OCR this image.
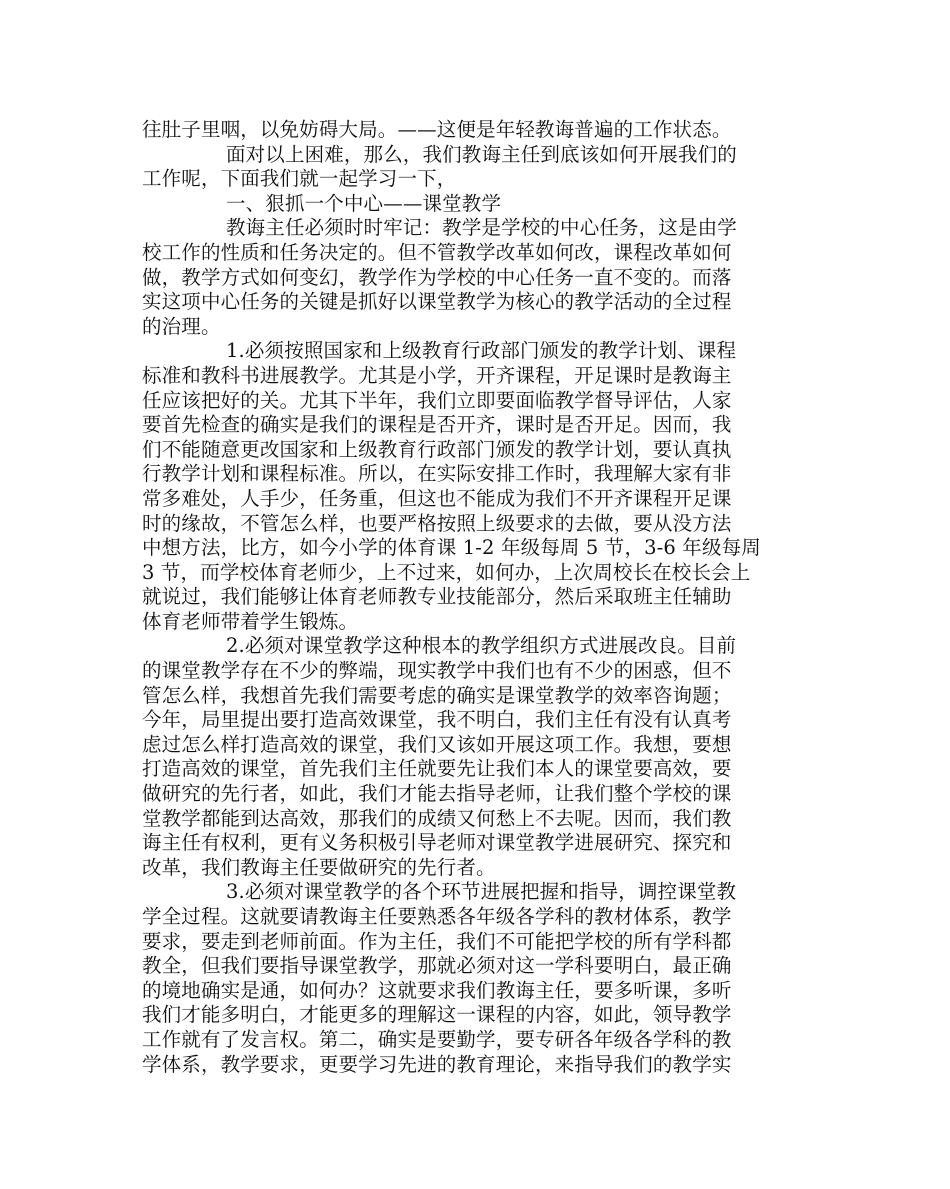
往肚子里咽，以免妨碍大局。——这便是年轻教诲普遍的工作状态。
面对以上困难，那么，我们教诲主任到底该如何开展我们的
工作呢，下面我们就一起学习一下，
一、狠抓一个中心——课堂教学
教诲主任必须时时牢记：教学是学校的中心任务，这是由学
校工作的性质和任务决定的。但不管教学改革如何改，课程改革如何
做，教学方式如何变幻，教学作为学校的中心任务一直不变的。而落
实这项中心任务的关键是抓好以课堂教学为核心的教学活动的全过程
的治理。
1.必须按照国家和上级教育行政部门颁发的教学计划、课程
标准和教科书进展教学。尤其是小学，开齐课程，开足课时是教诲主
任应该把好的关。尤其下半年，我们立即要面临教学督导评估，人家
要首先检查的确实是我们的课程是否开齐，课时是否开足。因而，我
们不能随意更改国家和上级教育行政部门颁发的教学计划，要认真执
行教学计划和课程标准。所以，在实际安排工作时，我理解大家有非
常多难处，人手少，任务重，但这也不能成为我们不开齐课程开足课
时的缘故，不管怎么样，也要严格按照上级要求的去做，要从没方法
中想方法，比方，如今小学的体育课 1-2 年级每周 5 节，3-6 年级每周
3 节，而学校体育老师少，上不过来，如何办，上次周校长在校长会上
就说过，我们能够让体育老师教专业技能部分，然后采取班主任辅助
体育老师带着学生锻炼。
2.必须对课堂教学这种根本的教学组织方式进展改良。目前
的课堂教学存在不少的弊端，现实教学中我们也有不少的困惑，但不
管怎么样，我想首先我们需要考虑的确实是课堂教学的效率咨询题；
今年，局里提出要打造高效课堂，我不明白，我们主任有没有认真考
虑过怎么样打造高效的课堂，我们又该如开展这项工作。我想，要想
打造高效的课堂，首先我们主任就要先让我们本人的课堂要高效，要
做研究的先行者，如此，我们才能去指导老师，让我们整个学校的课
堂教学都能到达高效，那我们的成绩又何愁上不去呢。因而，我们教
诲主任有权利，更有义务积极引导老师对课堂教学进展研究、探究和
改革，我们教诲主任要做研究的先行者。
3.必须对课堂教学的各个环节进展把握和指导，调控课堂教
学全过程。这就要请教诲主任要熟悉各年级各学科的教材体系，教学
要求，要走到老师前面。作为主任，我们不可能把学校的所有学科都
教全，但我们要指导课堂教学，那就必须对这一学科要明白，最正确
的境地确实是通，如何办？这就要求我们教诲主任，要多听课，多听
我们才能多明白，才能更多的理解这一课程的内容，如此，领导教学
工作就有了发言权。第二，确实是要勤学，要专研各年级各学科的教
学体系，教学要求，更要学习先进的教育理论，来指导我们的教学实
